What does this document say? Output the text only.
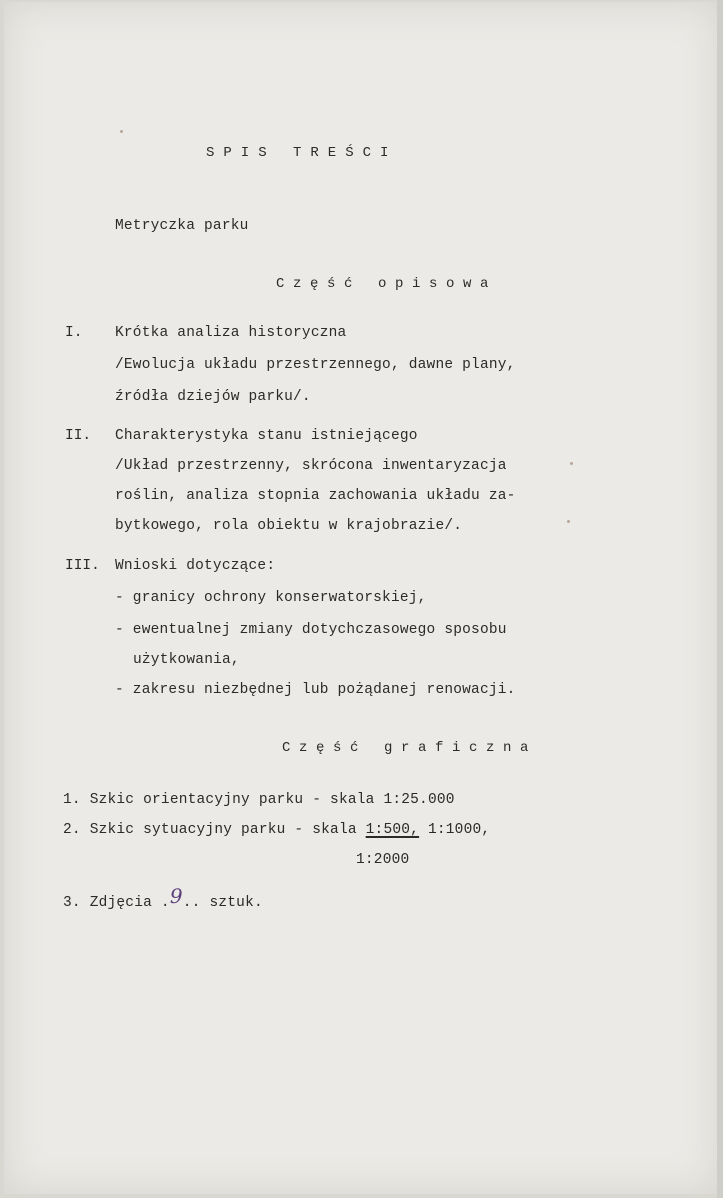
SPIS TREŚCI
Metryczka parku
Część opisowa
I. Krótka analiza historyczna
/Ewolucja układu przestrzennego, dawne plany,
źródła dziejów parku/.
II. Charakterystyka stanu istniejącego
/Układ przestrzenny, skrócona inwentaryzacja
roślin, analiza stopnia zachowania układu za-
bytkowego, rola obiektu w krajobrazie/.
III. Wnioski dotyczące:
- granicy ochrony konserwatorskiej,
- ewentualnej zmiany dotychczasowego sposobu
użytkowania,
- zakresu niezbędnej lub pożądanej renowacji.
Część graficzna
1. Szkic orientacyjny parku - skala 1:25.000
2. Szkic sytuacyjny parku - skala 1:500, 1:1000,
1:2000
3. Zdjęcia .9.. sztuk.
